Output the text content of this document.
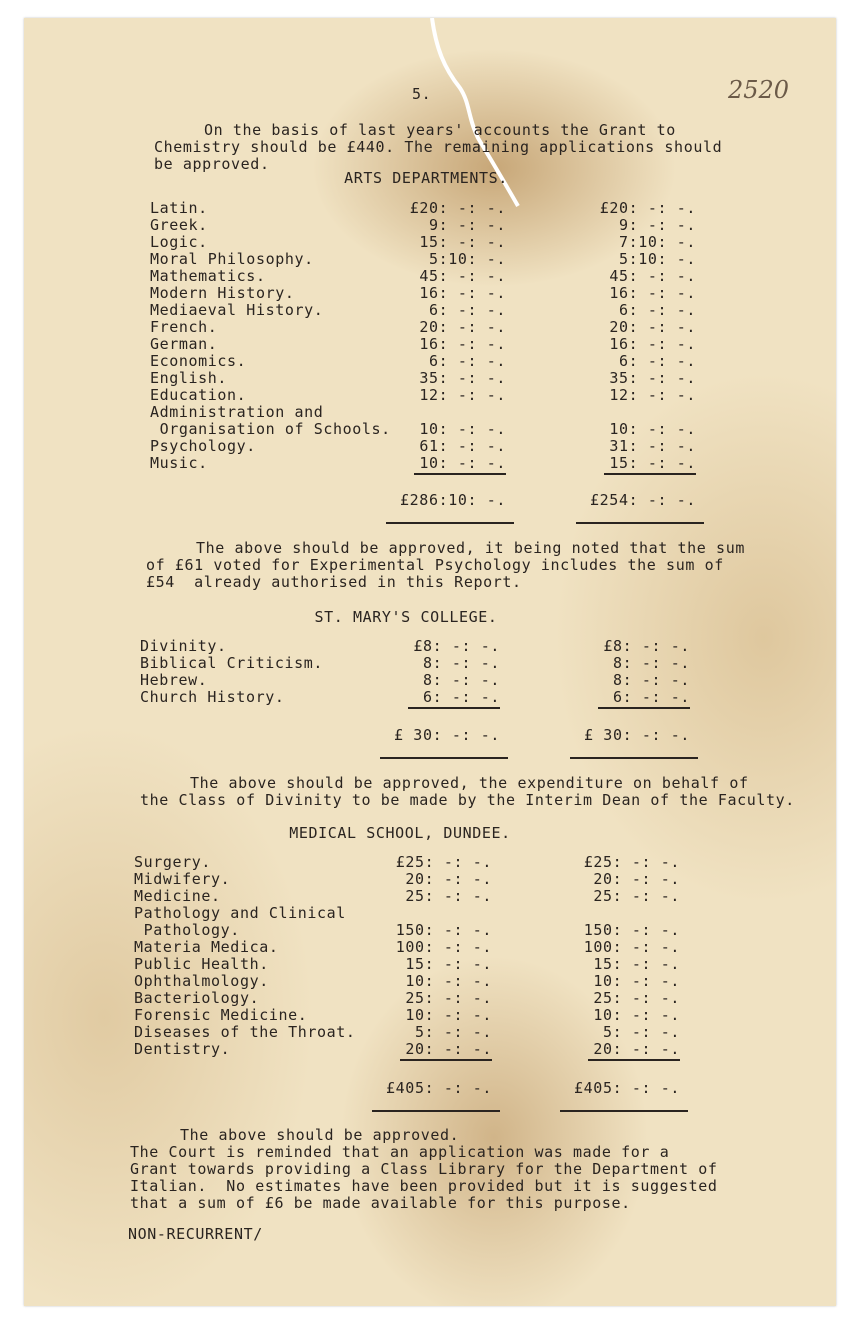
5.	2520
On the basis of last years' accounts the Grant to
Chemistry should be £440. The remaining applications should
be approved.
ARTS DEPARTMENTS.
Latin.	£20: -: -.	£20: -: -.
Greek.	9: -: -.	9: -: -.
Logic.	15: -: -.	7:10: -.
Moral Philosophy.	5:10: -.	5:10: -.
Mathematics.	45: -: -.	45: -: -.
Modern History.	16: -: -.	16: -: -.
Mediaeval History.	6: -: -.	6: -: -.
French.	20: -: -.	20: -: -.
German.	16: -: -.	16: -: -.
Economics.	6: -: -.	6: -: -.
English.	35: -: -.	35: -: -.
Education.	12: -: -.	12: -: -.
Administration and
Organisation of Schools.	10: -: -.	10: -: -.
Psychology.	61: -: -.	31: -: -.
Music.	10: -: -.	15: -: -.
£286:10: -.	£254: -: -.
The above should be approved, it being noted that the sum
of £61 voted for Experimental Psychology includes the sum of
£54  already authorised in this Report.
ST. MARY'S COLLEGE.
Divinity.	£8: -: -.	£8: -: -.
Biblical Criticism.	8: -: -.	8: -: -.
Hebrew.	8: -: -.	8: -: -.
Church History.	6: -: -.	6: -: -.
£ 30: -: -.	£ 30: -: -.
The above should be approved, the expenditure on behalf of
the Class of Divinity to be made by the Interim Dean of the Faculty.
MEDICAL SCHOOL, DUNDEE.
Surgery.	£25: -: -.	£25: -: -.
Midwifery.	20: -: -.	20: -: -.
Medicine.	25: -: -.	25: -: -.
Pathology and Clinical
Pathology.	150: -: -.	150: -: -.
Materia Medica.	100: -: -.	100: -: -.
Public Health.	15: -: -.	15: -: -.
Ophthalmology.	10: -: -.	10: -: -.
Bacteriology.	25: -: -.	25: -: -.
Forensic Medicine.	10: -: -.	10: -: -.
Diseases of the Throat.	5: -: -.	5: -: -.
Dentistry.	20: -: -.	20: -: -.
£405: -: -.	£405: -: -.
The above should be approved.
The Court is reminded that an application was made for a
Grant towards providing a Class Library for the Department of
Italian.  No estimates have been provided but it is suggested
that a sum of £6 be made available for this purpose.
NON-RECURRENT/
